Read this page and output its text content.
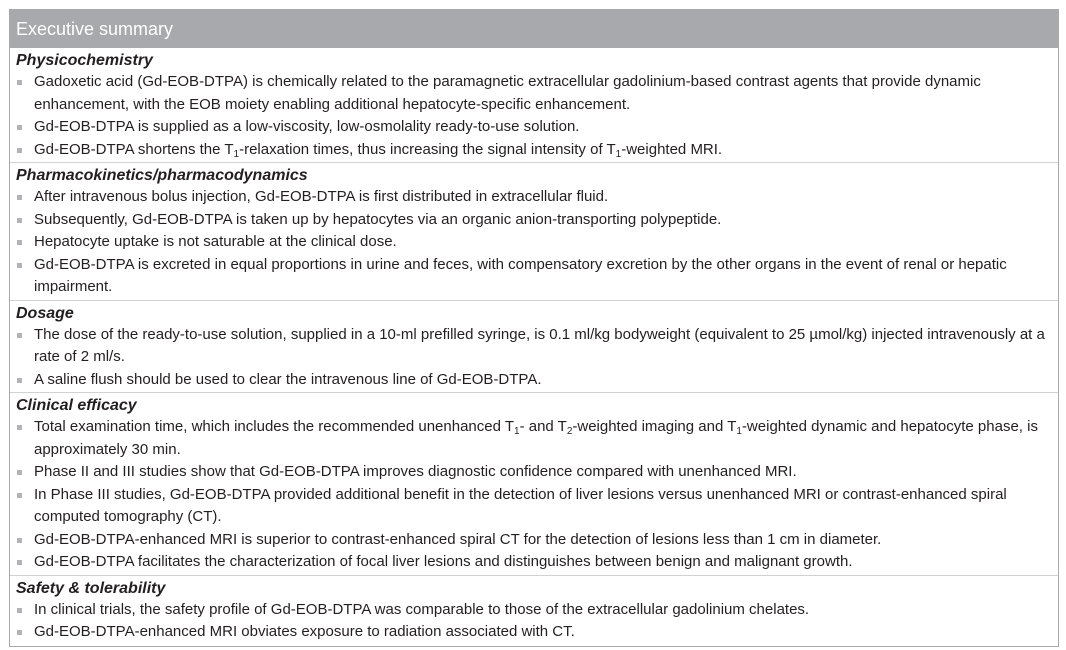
Executive summary
Physicochemistry
Gadoxetic acid (Gd-EOB-DTPA) is chemically related to the paramagnetic extracellular gadolinium-based contrast agents that provide dynamic enhancement, with the EOB moiety enabling additional hepatocyte-specific enhancement.
Gd-EOB-DTPA is supplied as a low-viscosity, low-osmolality ready-to-use solution.
Gd-EOB-DTPA shortens the $T_1$-relaxation times, thus increasing the signal intensity of $T_1$-weighted MRI.
Pharmacokinetics/pharmacodynamics
After intravenous bolus injection, Gd-EOB-DTPA is first distributed in extracellular fluid.
Subsequently, Gd-EOB-DTPA is taken up by hepatocytes via an organic anion-transporting polypeptide.
Hepatocyte uptake is not saturable at the clinical dose.
Gd-EOB-DTPA is excreted in equal proportions in urine and feces, with compensatory excretion by the other organs in the event of renal or hepatic impairment.
Dosage
The dose of the ready-to-use solution, supplied in a 10-ml prefilled syringe, is 0.1 ml/kg bodyweight (equivalent to 25 µmol/kg) injected intravenously at a rate of 2 ml/s.
A saline flush should be used to clear the intravenous line of Gd-EOB-DTPA.
Clinical efficacy
Total examination time, which includes the recommended unenhanced $T_1-$ and $T_2$-weighted imaging and $T_1$-weighted dynamic and hepatocyte phase, is approximately 30 min.
Phase II and III studies show that Gd-EOB-DTPA improves diagnostic confidence compared with unenhanced MRI.
In Phase III studies, Gd-EOB-DTPA provided additional benefit in the detection of liver lesions versus unenhanced MRI or contrast-enhanced spiral computed tomography (CT).
Gd-EOB-DTPA-enhanced MRI is superior to contrast-enhanced spiral CT for the detection of lesions less than 1 cm in diameter.
Gd-EOB-DTPA facilitates the characterization of focal liver lesions and distinguishes between benign and malignant growth.
Safety & tolerability
In clinical trials, the safety profile of Gd-EOB-DTPA was comparable to those of the extracellular gadolinium chelates.
Gd-EOB-DTPA-enhanced MRI obviates exposure to radiation associated with CT.
